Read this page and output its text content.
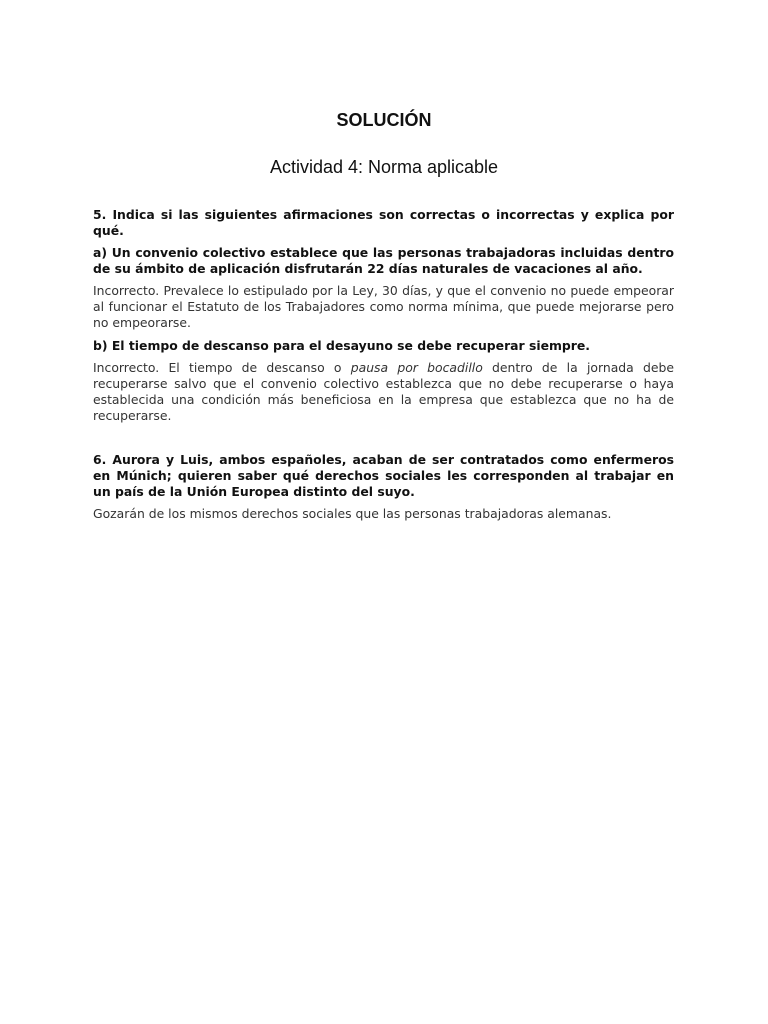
SOLUCIÓN
Actividad 4: Norma aplicable

5. Indica si las siguientes afirmaciones son correctas o incorrectas y explica por qué.

a) Un convenio colectivo establece que las personas trabajadoras incluidas dentro de su ámbito de aplicación disfrutarán 22 días naturales de vacaciones al año.

Incorrecto. Prevalece lo estipulado por la Ley, 30 días, y que el convenio no puede empeorar al funcionar el Estatuto de los Trabajadores como norma mínima, que puede mejorarse pero no empeorarse.

b) El tiempo de descanso para el desayuno se debe recuperar siempre.

Incorrecto. El tiempo de descanso o pausa por bocadillo dentro de la jornada debe recuperarse salvo que el convenio colectivo establezca que no debe recuperarse o haya establecida una condición más beneficiosa en la empresa que establezca que no ha de recuperarse.

6. Aurora y Luis, ambos españoles, acaban de ser contratados como enfermeros en Múnich; quieren saber qué derechos sociales les corresponden al trabajar en un país de la Unión Europea distinto del suyo.

Gozarán de los mismos derechos sociales que las personas trabajadoras alemanas.
